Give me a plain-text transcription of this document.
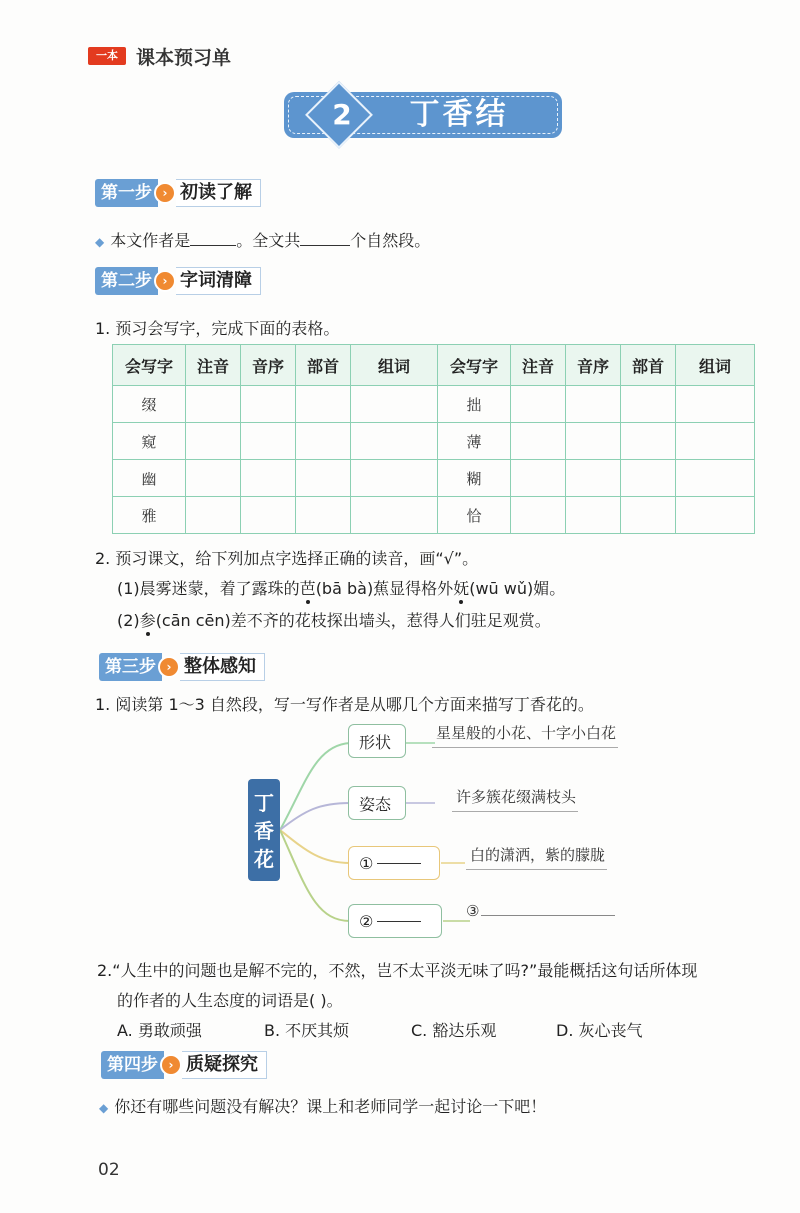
一本 课本预习单
2	丁香结
第一步 › 初读了解
◆ 本文作者是	。全文共	个自然段。
第二步 › 字词清障
1. 预习会写字，完成下面的表格。
会写字	注音	音序	部首	组词	会写字	注音	音序	部首	组词
缀					拙				
窥					薄				
幽					糊				
雅					恰				
2. 预习课文，给下列加点字选择正确的读音，画“√”。
(1)晨雾迷蒙，着了露珠的芭(bā bà)蕉显得格外妩(wū wǔ)媚。
(2)参(cān cēn)差不齐的花枝探出墙头，惹得人们驻足观赏。
第三步 › 整体感知
1. 阅读第 1～3 自然段，写一写作者是从哪几个方面来描写丁香花的。
丁香花
形状
姿态
①
②
星星般的小花、十字小白花
许多簇花缀满枝头
白的潇洒，紫的朦胧
③
2.“人生中的问题也是解不完的，不然，岂不太平淡无味了吗?”最能概括这句话所体现
的作者的人生态度的词语是( )。
A. 勇敢顽强	B. 不厌其烦	C. 豁达乐观	D. 灰心丧气
第四步 › 质疑探究
◆ 你还有哪些问题没有解决？课上和老师同学一起讨论一下吧！
02
